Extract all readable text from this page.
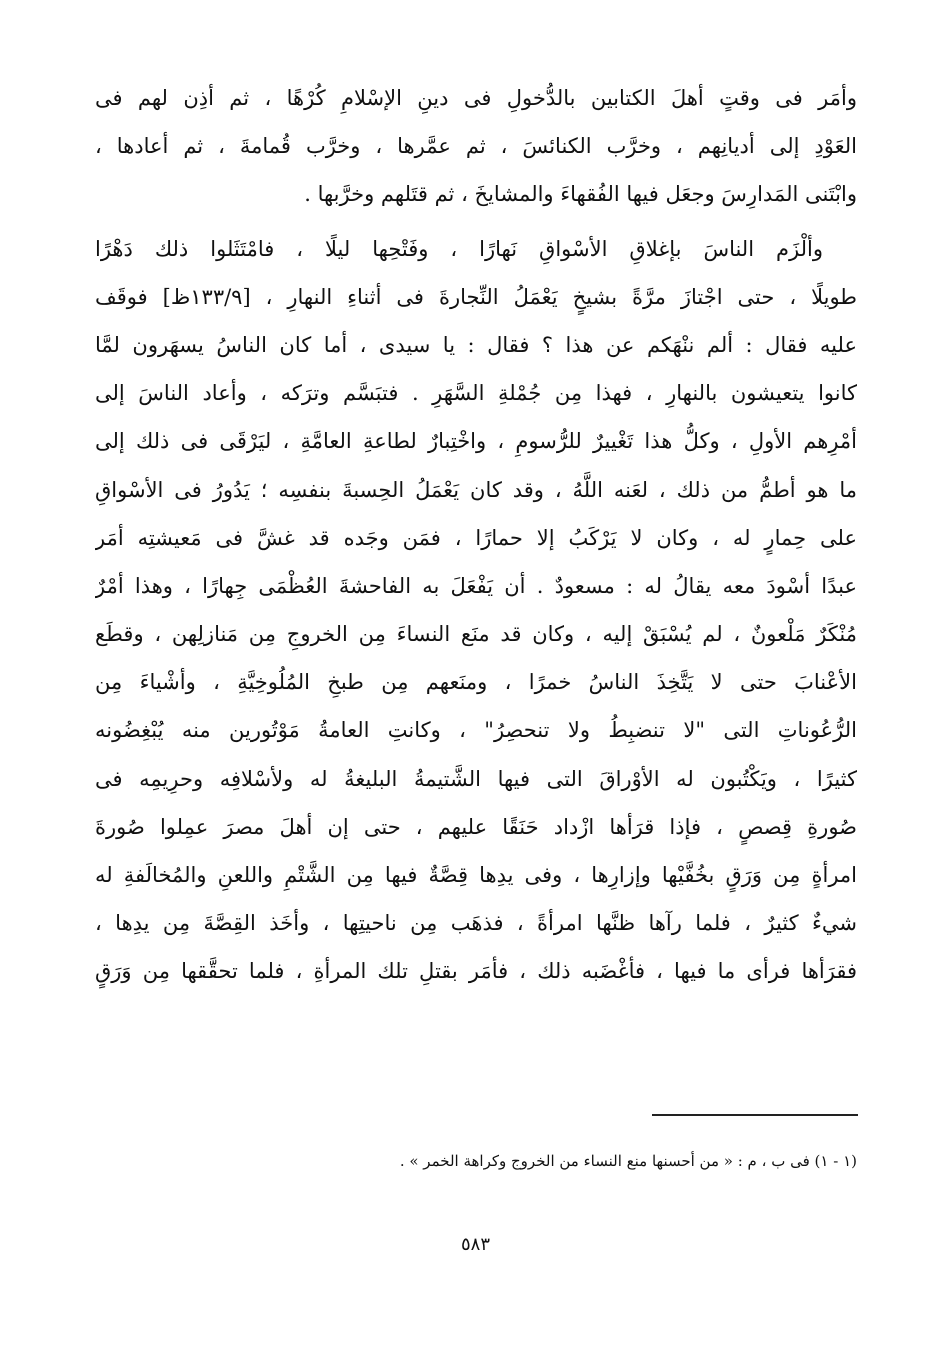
وأمَر فى وقتٍ أهلَ الكتابين بالدُّخولِ فى دينِ الإسْلامِ كُرْهًا ، ثم أذِن لهم فى
العَوْدِ إلى أديانِهم ، وخرَّب الكنائسَ ، ثم عمَّرها ، وخرَّب قُمامةَ ، ثم أعادها ،
وابْتَنى المَدارِسَ وجعَل فيها الفُقهاءَ والمشايخَ ، ثم قتَلهم وخرَّبها .
وألْزَم الناسَ بإغلاقِ الأسْواقِ نَهارًا ، وفَتْحِها ليلًا ، فامْتَثَلوا ذلك دَهْرًا
طويلًا ، حتى اجْتازَ مرَّةً بشيخٍ يَعْمَلُ النِّجارةَ فى أثناءِ النهارِ ، [١٣٣/٩ظ] فوقَف
عليه فقال : ألم ننْهَكم عن هذا ؟ فقال : يا سيدى ، أما كان الناسُ يسهَرون لمَّا
كانوا يتعيشون بالنهارِ ، فهذا مِن جُمْلةِ السَّهَرِ . فتبَسَّم وترَكه ، وأعاد الناسَ إلى
أمْرِهم الأولِ ، وكلُّ هذا تَغْييرٌ للرُّسومِ ، واخْتِبارٌ لطاعةِ العامَّةِ ، ليَرْقَى فى ذلك إلى
ما هو أطمُّ من ذلك ، لعَنه اللَّهُ ، وقد كان يَعْمَلُ الحِسبةَ بنفسِه ؛ يَدُورُ فى الأسْواقِ
على حِمارٍ له ، وكان لا يَرْكَبُ إلا حمارًا ، فمَن وجَده قد غشَّ فى مَعيشتِه أمَر
عبدًا أسْودَ معه يقالُ له : مسعودٌ . أن يَفْعَلَ به الفاحشةَ العُظْمَى جِهارًا ، وهذا أمْرٌ
مُنْكَرٌ مَلْعونٌ ، لم يُسْبَقْ إليه ، وكان قد منَع النساءَ مِن الخروجِ مِن مَنازلِهن ، وقطَع
الأعْنابَ حتى لا يَتَّخِذَ الناسُ خمرًا ، ومنَعهم مِن طبخِ المُلُوخِيَّةِ ، وأشْياءَ مِن
الرُّعُوناتِ التى "لا تنضبِطُ ولا تنحصِرُ" ، وكانتِ العامةُ مَوْتُورين منه يُبْغِضُونه
كثيرًا ، ويَكْتُبون له الأوْراقَ التى فيها الشَّتيمةُ البليغةُ له ولأسْلافِه وحرِيمِه فى
صُورةِ قِصصٍ ، فإذا قرَأها ازْداد حَنَقًا عليهم ، حتى إن أهلَ مصرَ عمِلوا صُورةَ
امرأةٍ مِن وَرَقٍ بخُفَّيْها وإزارِها ، وفى يدِها قِصَّةٌ فيها مِن الشَّتْمِ واللعنِ والمُخالَفةِ له
شيءٌ كثيرٌ ، فلما رآها ظنَّها امرأةً ، فذهَب مِن ناحيتِها ، وأخَذ القِصَّةَ مِن يدِها ،
فقرَأها فرأى ما فيها ، فأغْضَبه ذلك ، فأمَر بقتلِ تلك المرأةِ ، فلما تحقَّقها مِن وَرَقٍ
(١ - ١) فى ب ، م : « من أحسنها منع النساء من الخروج وكراهة الخمر » .
٥٨٣
